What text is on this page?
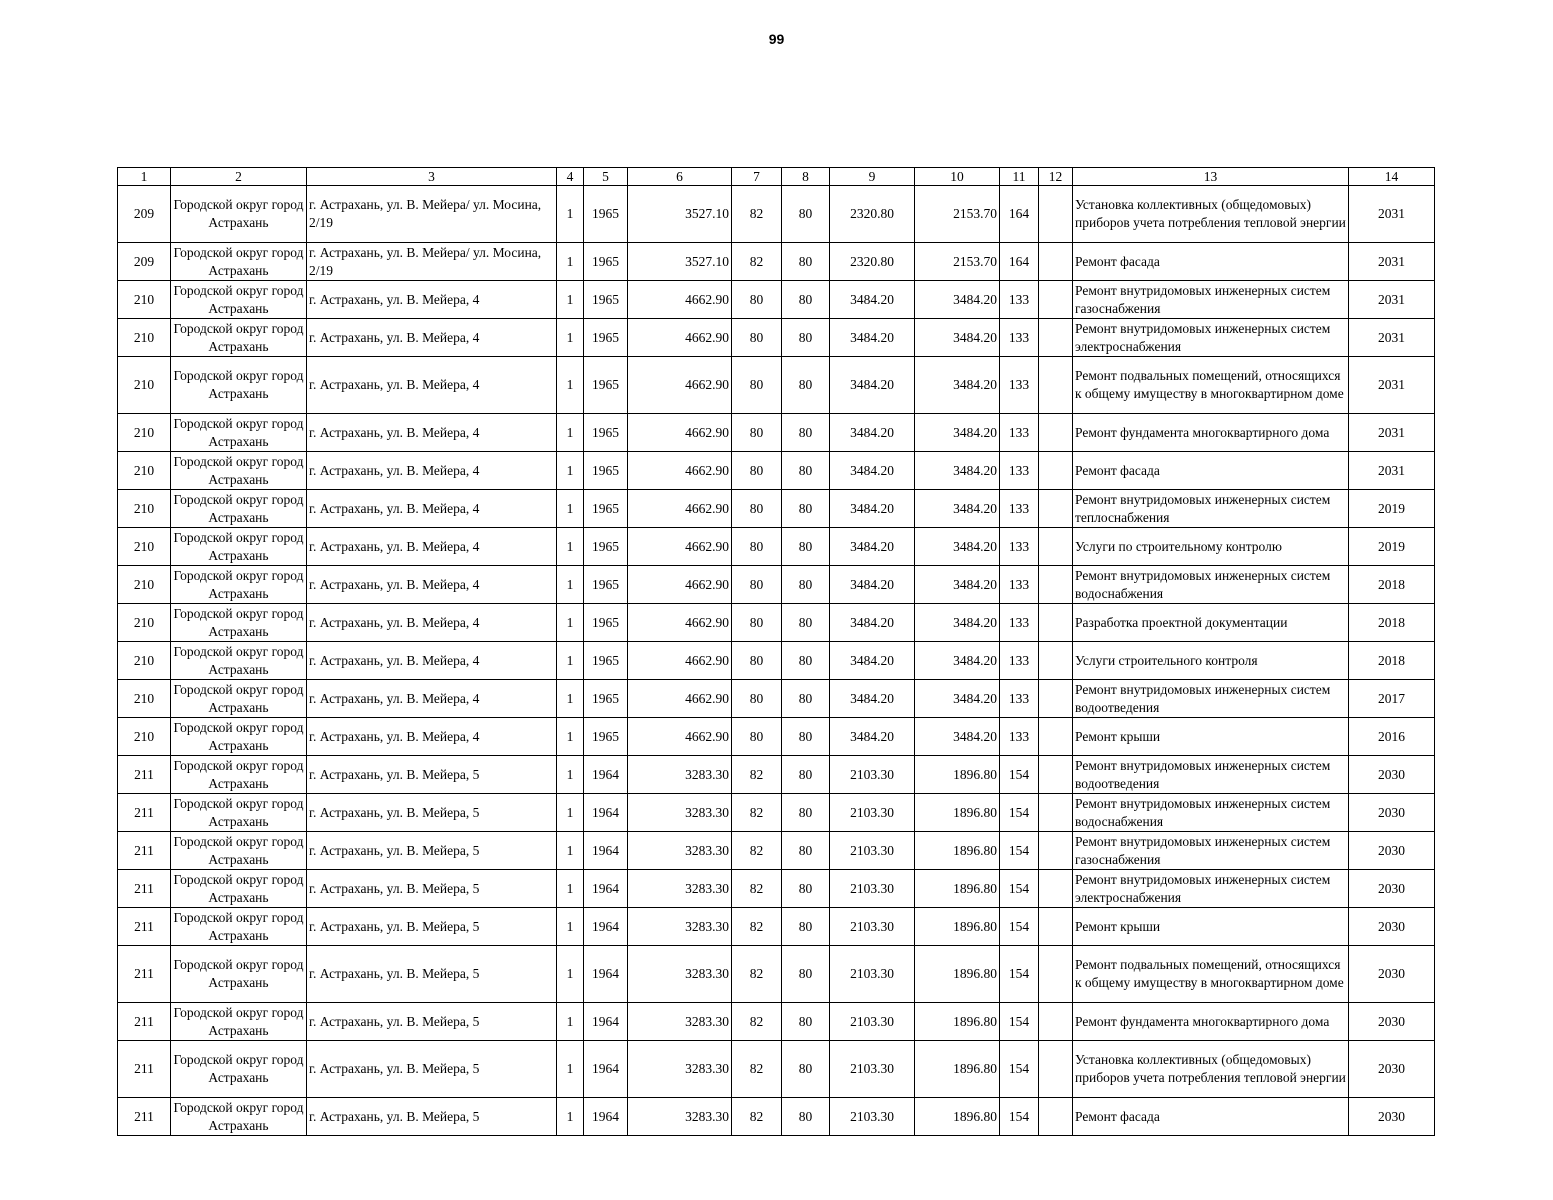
99
1	2	3	4	5	6	7	8	9	10	11	12	13	14
209	Городской округ город Астрахань	г. Астрахань, ул. В. Мейера/ ул. Мосина, 2/19	1	1965	3527.10	82	80	2320.80	2153.70	164		Установка коллективных (общедомовых) приборов учета потребления тепловой энергии	2031
209	Городской округ город Астрахань	г. Астрахань, ул. В. Мейера/ ул. Мосина, 2/19	1	1965	3527.10	82	80	2320.80	2153.70	164		Ремонт фасада	2031
210	Городской округ город Астрахань	г. Астрахань, ул. В. Мейера, 4	1	1965	4662.90	80	80	3484.20	3484.20	133		Ремонт внутридомовых инженерных систем газоснабжения	2031
210	Городской округ город Астрахань	г. Астрахань, ул. В. Мейера, 4	1	1965	4662.90	80	80	3484.20	3484.20	133		Ремонт внутридомовых инженерных систем электроснабжения	2031
210	Городской округ город Астрахань	г. Астрахань, ул. В. Мейера, 4	1	1965	4662.90	80	80	3484.20	3484.20	133		Ремонт подвальных помещений, относящихся к общему имуществу в многоквартирном доме	2031
210	Городской округ город Астрахань	г. Астрахань, ул. В. Мейера, 4	1	1965	4662.90	80	80	3484.20	3484.20	133		Ремонт фундамента многоквартирного дома	2031
210	Городской округ город Астрахань	г. Астрахань, ул. В. Мейера, 4	1	1965	4662.90	80	80	3484.20	3484.20	133		Ремонт фасада	2031
210	Городской округ город Астрахань	г. Астрахань, ул. В. Мейера, 4	1	1965	4662.90	80	80	3484.20	3484.20	133		Ремонт внутридомовых инженерных систем теплоснабжения	2019
210	Городской округ город Астрахань	г. Астрахань, ул. В. Мейера, 4	1	1965	4662.90	80	80	3484.20	3484.20	133		Услуги по строительному контролю	2019
210	Городской округ город Астрахань	г. Астрахань, ул. В. Мейера, 4	1	1965	4662.90	80	80	3484.20	3484.20	133		Ремонт внутридомовых инженерных систем водоснабжения	2018
210	Городской округ город Астрахань	г. Астрахань, ул. В. Мейера, 4	1	1965	4662.90	80	80	3484.20	3484.20	133		Разработка проектной документации	2018
210	Городской округ город Астрахань	г. Астрахань, ул. В. Мейера, 4	1	1965	4662.90	80	80	3484.20	3484.20	133		Услуги строительного контроля	2018
210	Городской округ город Астрахань	г. Астрахань, ул. В. Мейера, 4	1	1965	4662.90	80	80	3484.20	3484.20	133		Ремонт внутридомовых инженерных систем водоотведения	2017
210	Городской округ город Астрахань	г. Астрахань, ул. В. Мейера, 4	1	1965	4662.90	80	80	3484.20	3484.20	133		Ремонт крыши	2016
211	Городской округ город Астрахань	г. Астрахань, ул. В. Мейера, 5	1	1964	3283.30	82	80	2103.30	1896.80	154		Ремонт внутридомовых инженерных систем водоотведения	2030
211	Городской округ город Астрахань	г. Астрахань, ул. В. Мейера, 5	1	1964	3283.30	82	80	2103.30	1896.80	154		Ремонт внутридомовых инженерных систем водоснабжения	2030
211	Городской округ город Астрахань	г. Астрахань, ул. В. Мейера, 5	1	1964	3283.30	82	80	2103.30	1896.80	154		Ремонт внутридомовых инженерных систем газоснабжения	2030
211	Городской округ город Астрахань	г. Астрахань, ул. В. Мейера, 5	1	1964	3283.30	82	80	2103.30	1896.80	154		Ремонт внутридомовых инженерных систем электроснабжения	2030
211	Городской округ город Астрахань	г. Астрахань, ул. В. Мейера, 5	1	1964	3283.30	82	80	2103.30	1896.80	154		Ремонт крыши	2030
211	Городской округ город Астрахань	г. Астрахань, ул. В. Мейера, 5	1	1964	3283.30	82	80	2103.30	1896.80	154		Ремонт подвальных помещений, относящихся к общему имуществу в многоквартирном доме	2030
211	Городской округ город Астрахань	г. Астрахань, ул. В. Мейера, 5	1	1964	3283.30	82	80	2103.30	1896.80	154		Ремонт фундамента многоквартирного дома	2030
211	Городской округ город Астрахань	г. Астрахань, ул. В. Мейера, 5	1	1964	3283.30	82	80	2103.30	1896.80	154		Установка коллективных (общедомовых) приборов учета потребления тепловой энергии	2030
211	Городской округ город Астрахань	г. Астрахань, ул. В. Мейера, 5	1	1964	3283.30	82	80	2103.30	1896.80	154		Ремонт фасада	2030
